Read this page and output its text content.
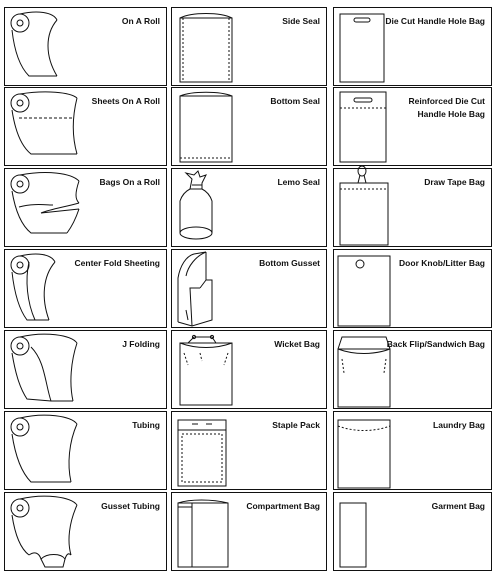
On A Roll
Sheets On A Roll
Bags On a Roll
Center Fold Sheeting
J Folding
Tubing
Gusset Tubing
Side Seal
Bottom Seal
Lemo Seal
Bottom Gusset
Wicket Bag
Staple Pack
Compartment Bag
Die Cut Handle Hole Bag
Reinforced Die Cut
Handle Hole Bag
Draw Tape Bag
Door Knob/Litter Bag
Back Flip/Sandwich Bag
Laundry Bag
Garment Bag
